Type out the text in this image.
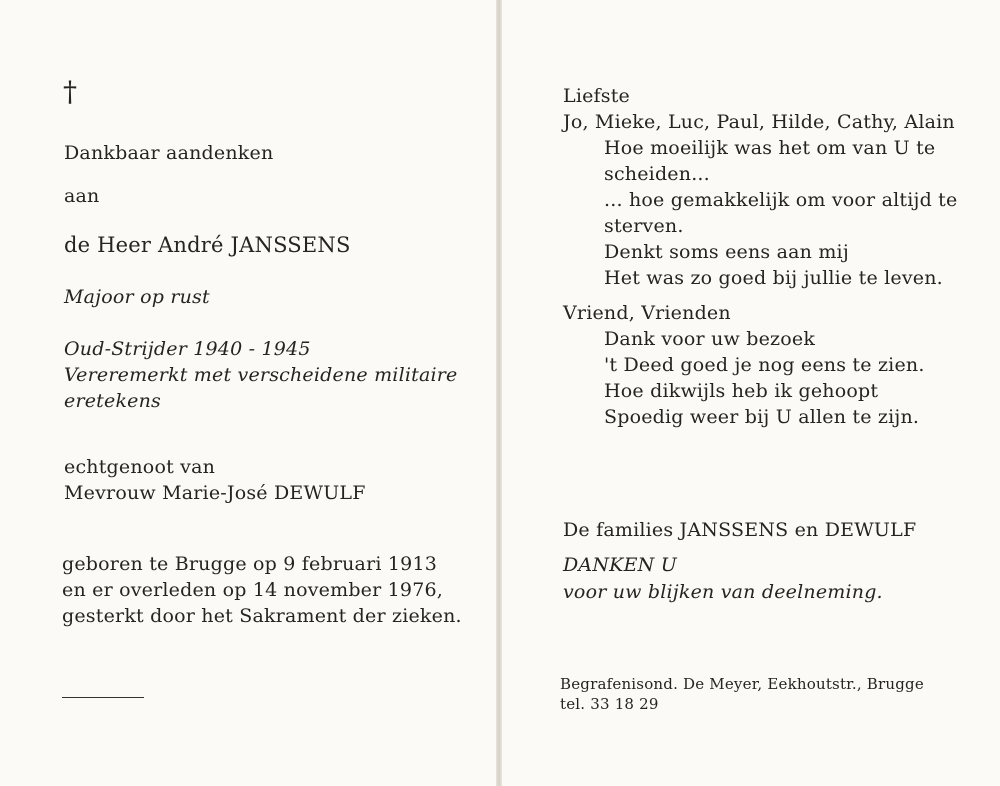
†
Dankbaar aandenken
aan
de Heer André JANSSENS
Majoor op rust
Oud-Strijder 1940 - 1945
Vereremerkt met verscheidene militaire
eretekens
echtgenoot van
Mevrouw Marie-José DEWULF
geboren te Brugge op 9 februari 1913
en er overleden op 14 november 1976,
gesterkt door het Sakrament der zieken.
Liefste
Jo, Mieke, Luc, Paul, Hilde, Cathy, Alain
Hoe moeilijk was het om van U te
scheiden...
... hoe gemakkelijk om voor altijd te
sterven.
Denkt soms eens aan mij
Het was zo goed bij jullie te leven.
Vriend, Vrienden
Dank voor uw bezoek
't Deed goed je nog eens te zien.
Hoe dikwijls heb ik gehoopt
Spoedig weer bij U allen te zijn.
De families JANSSENS en DEWULF
DANKEN U
voor uw blijken van deelneming.
Begrafenisond. De Meyer, Eekhoutstr., Brugge
tel. 33 18 29
